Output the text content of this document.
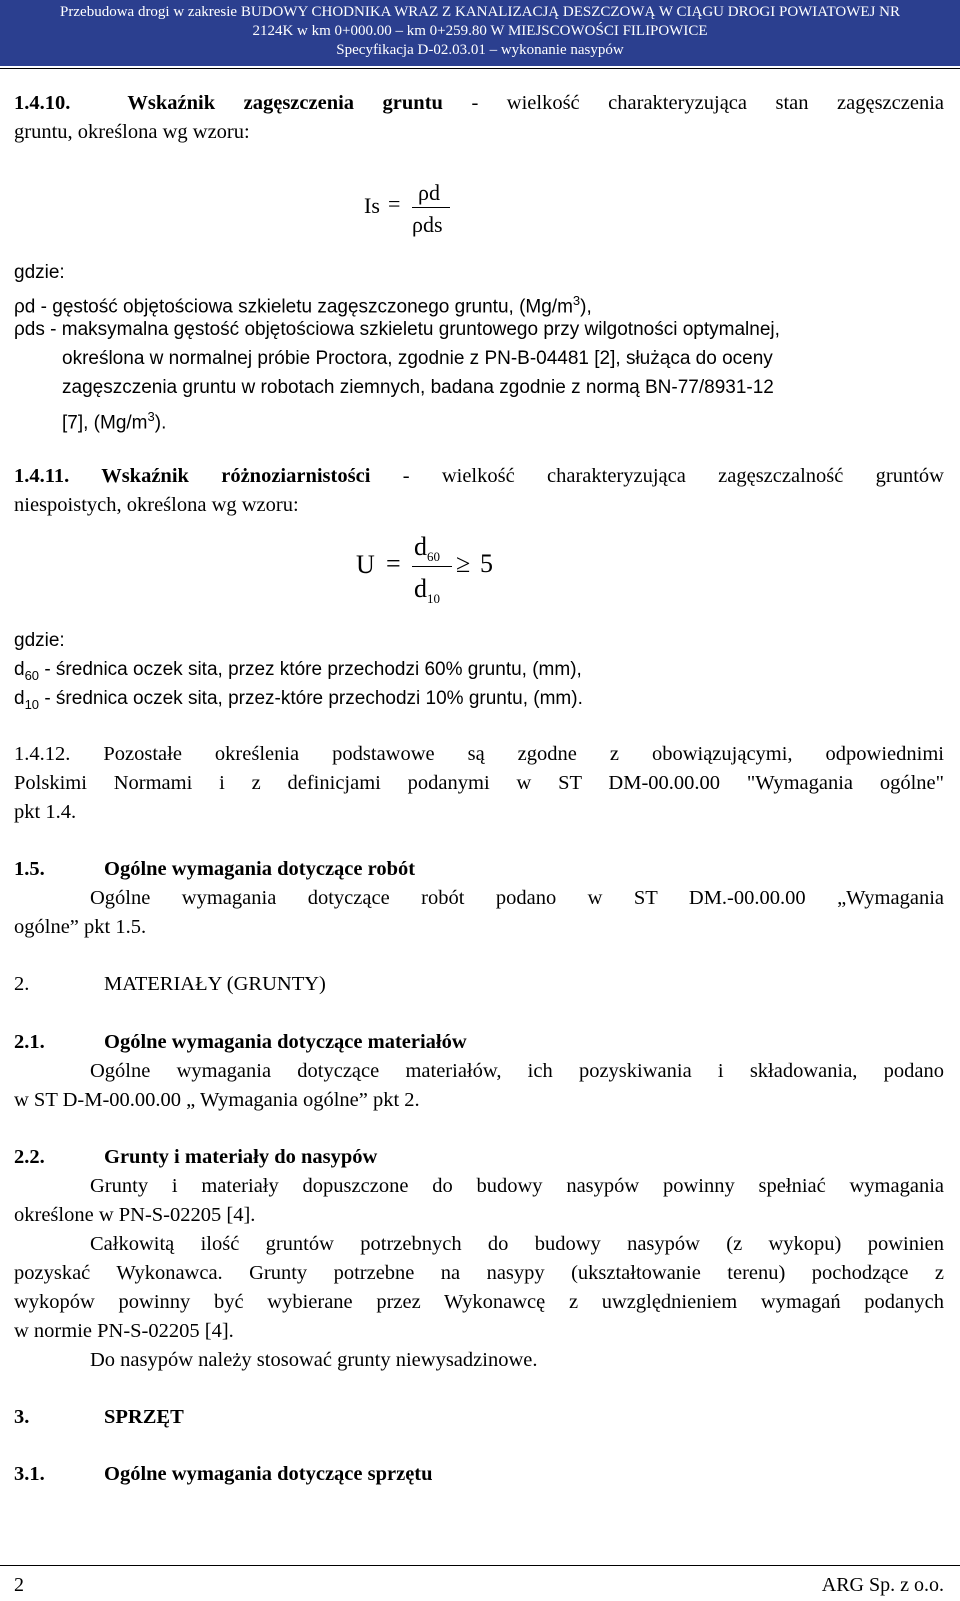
Przebudowa drogi w zakresie BUDOWY CHODNIKA WRAZ Z KANALIZACJĄ DESZCZOWĄ W CIĄGU DROGI POWIATOWEJ NR
2124K w km 0+000.00 – km 0+259.80 W MIEJSCOWOŚCI FILIPOWICE
Specyfikacja D-02.03.01 – wykonanie nasypów
1.4.10.	Wskaźnik zagęszczenia gruntu - wielkość charakteryzująca stan zagęszczenia
gruntu, określona wg wzoru:
Is = ρd
ρds
gdzie:
ρd - gęstość objętościowa szkieletu zagęszczonego gruntu, $(Mg/m^3)$,
ρds - maksymalna gęstość objętościowa szkieletu gruntowego przy wilgotności optymalnej,
określona w normalnej próbie Proctora, zgodnie z PN-B-04481 [2], służąca do oceny
zagęszczenia gruntu w robotach ziemnych, badana zgodnie z normą BN-77/8931-12
[7], $(Mg/m^3)$.
1.4.11. Wskaźnik różnoziarnistości - wielkość charakteryzująca zagęszczalność gruntów
niespoistych, określona wg wzoru:
U =
$d_{60}$
$d_{10}$
≥ 5
gdzie:
$d_{60}$ - średnica oczek sita, przez które przechodzi 60% gruntu, (mm),
$d_{10}$ - średnica oczek sita, przez-które przechodzi 10% gruntu, (mm).
1.4.12. Pozostałe określenia podstawowe są zgodne z obowiązującymi, odpowiednimi
Polskimi Normami i z definicjami podanymi w ST DM-00.00.00 "Wymagania ogólne"
pkt 1.4.
1.5.	Ogólne wymagania dotyczące robót
Ogólne wymagania dotyczące robót podano w ST DM.-00.00.00 „Wymagania
ogólne” pkt 1.5.
2.	MATERIAŁY (GRUNTY)
2.1.	Ogólne wymagania dotyczące materiałów
Ogólne wymagania dotyczące materiałów, ich pozyskiwania i składowania, podano
w ST D-M-00.00.00 „ Wymagania ogólne” pkt 2.
2.2.	Grunty i materiały do nasypów
Grunty i materiały dopuszczone do budowy nasypów powinny spełniać wymagania
określone w PN-S-02205 [4].
Całkowitą ilość gruntów potrzebnych do budowy nasypów (z wykopu) powinien
pozyskać Wykonawca. Grunty potrzebne na nasypy (ukształtowanie terenu) pochodzące z
wykopów powinny być wybierane przez Wykonawcę z uwzględnieniem wymagań podanych
w normie PN-S-02205 [4].
Do nasypów należy stosować grunty niewysadzinowe.
3.	SPRZĘT
3.1.	Ogólne wymagania dotyczące sprzętu
2	ARG Sp. z o.o.
